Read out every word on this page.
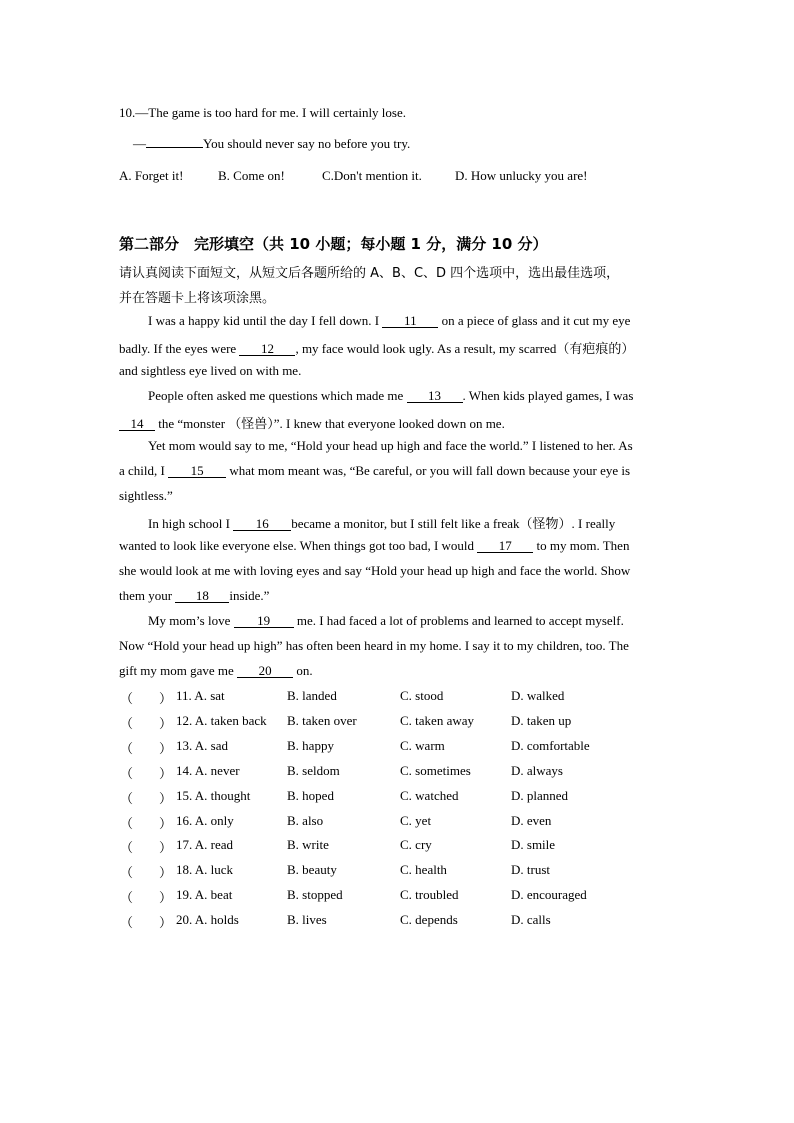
10.—The game is too hard for me. I will certainly lose.
—	You should never say no before you try.
A. Forget it!	B. Come on!	C.Don't mention it.	D. How unlucky you are!
第二部分　完形填空（共 10 小题；每小题 1 分，满分 10 分）
请认真阅读下面短文，从短文后各题所给的 A、B、C、D 四个选项中，选出最佳选项，
并在答题卡上将该项涂黑。
I was a happy kid until the day I fell down. I 11 on a piece of glass and it cut my eye
badly. If the eyes were 12 , my face would look ugly. As a result, my scarred（有疤痕的）
and sightless eye lived on with me.
People often asked me questions which made me 13 . When kids played games, I was
14 the “monster （怪兽）”. I knew that everyone looked down on me.
Yet mom would say to me, “Hold your head up high and face the world.” I listened to her. As
a child, I 15 what mom meant was, “Be careful, or you will fall down because your eye is
sightless.”
In high school I 16 became a monitor, but I still felt like a freak（怪物）. I really
wanted to look like everyone else. When things got too bad, I would 17 to my mom. Then
she would look at me with loving eyes and say “Hold your head up high and face the world. Show
them your 18 inside.”
My mom’s love 19 me. I had faced a lot of problems and learned to accept myself.
Now “Hold your head up high” has often been heard in my home. I say it to my children, too. The
gift my mom gave me 20 on.
（　　） 11. A. sat	B. landed	C. stood	D. walked
（　　） 12. A. taken back B. taken over	C. taken away	D. taken up
（　　） 13. A. sad	B. happy	C. warm	D. comfortable
（　　） 14. A. never	B. seldom	C. sometimes	D. always
（　　） 15. A. thought	B. hoped	C. watched	D. planned
（　　） 16. A. only	B. also	C. yet	D. even
（　　） 17. A. read	B. write	C. cry	D. smile
（　　） 18. A. luck	B. beauty	C. health	D. trust
（　　） 19. A. beat	B. stopped	C. troubled	D. encouraged
（　　） 20. A. holds	B. lives	C. depends	D. calls
